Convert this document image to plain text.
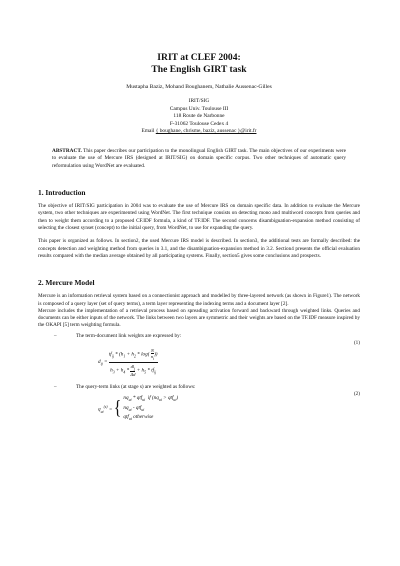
IRIT at CLEF 2004:
The English GIRT task
Mustapha Baziz, Mohand Boughanem, Nathalie Aussenac-Gilles
IRIT/SIG
Campus Univ. Toulouse III
118 Route de Narbonne
F-31062 Toulouse Cedex 4
Email { boughane, chrisme, baziz, aussenac }@irit.fr
ABSTRACT. This paper describes our participation to the monolingual English GIRT task. The main objectives of our experiments were to evaluate the use of Mercure IRS (designed at IRIT/SIG) on domain specific corpus. Two other techniques of automatic query reformulation using WordNet are evaluated.
1. Introduction

The objective of IRIT/SIG participation in 2004 was to evaluate the use of Mercure IRS on domain specific data. In addition to evaluate the Mercure system, two other techniques are experimented using WordNet. The first technique consists on detecting mono and multiword concepts from queries and then to weight them according to a proposed CF.IDF formula, a kind of TF.IDF. The second concerns disambiguation-expansion method consisting of selecting the closest synset (concept) to the initial query, from WordNet, to use for expanding the query.

This paper is organized as follows. In section2, the used Mercure IRS model is described. In section3, the additional tests are formally described: the concepts detection and weighting method from queries in 3.1, and the disambiguation-expansion method in 3.2. Section4 presents the official evaluation results compared with the median average obtained by all participating systems. Finally, section5 gives some conclusions and prospects.

2. Mercure Model

Mercure is an information retrieval system based on a connectionist approach and modelled by three-layered network (as shown in Figure1). The network is composed of a query layer (set of query terms), a term layer representing the indexing terms and a document layer [2].

Mercure includes the implementation of a retrieval process based on spreading activation forward and backward through weighted links. Queries and documents can be either inputs of the network. The links between two layers are symmetric and their weights are based on the TF.IDF measure inspired by the OKAPI [5] term weighting formula.

–	The term-document link weights are expressed by:
(1)
$d_{ij} = \frac{tf_{ij} * (h_1 + h_2 * \log( \frac{N}{n_i} ))}{h_3 + h_4 * \frac{dl_j}{\Delta d} + h_5 * tf_{ij}}$
–	The query-term links (at stage s) are weighted as follows:
(2)
$q_{ui}^{(s)}$ = { $nq_{ui} * qtf_{ui}$ if $(nq_{ui} > qtf_{ui})$
$nq_{ui} - qtf_{ui}$
qtf$_{ui}$ otherwise
